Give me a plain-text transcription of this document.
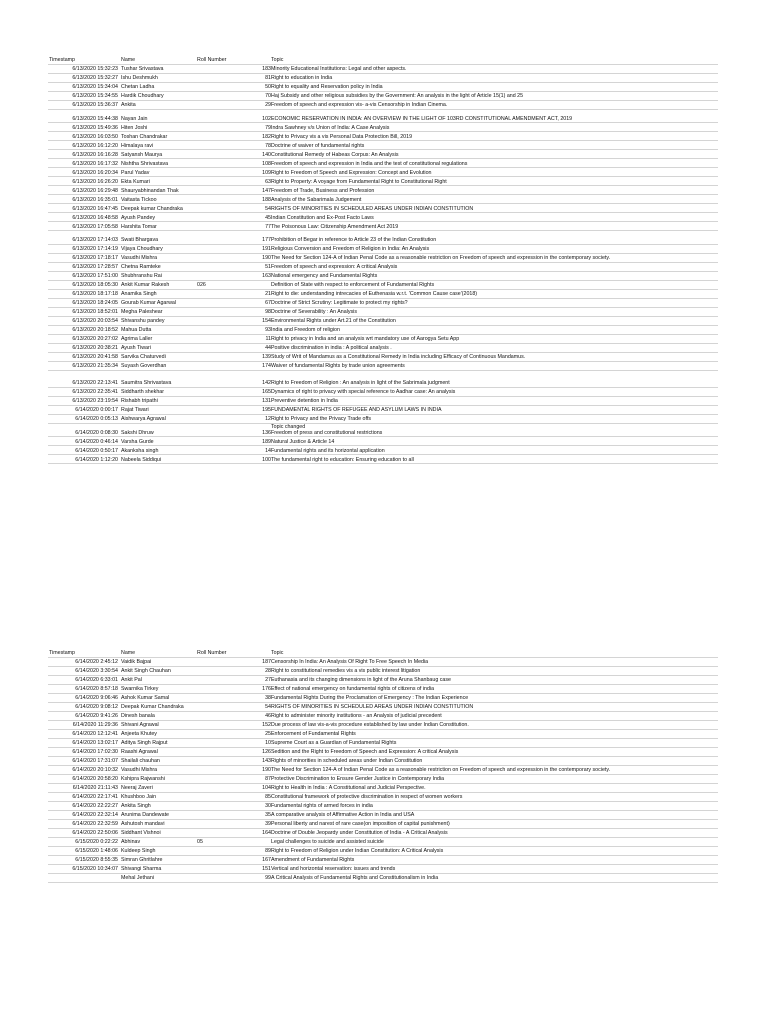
Timestamp	Name	Roll Number	Topic
6/13/2020 15:32:23	Tushar Srivastava	183	Minority Educational Institutions: Legal and other aspects.
6/13/2020 15:32:27	Ishu Deshmukh	81	Right to education in India
6/13/2020 15:34:04	Chetan Ladha	50	Right to equality and Reservation policy in India
6/13/2020 15:34:55	Hardik Choudhary	70	Haj Subsidy and other religious subsidies by the Government: An analysis in the light of Article 15(1) and 25
6/13/2020 15:36:37	Ankita	29	Freedom of speech and expression vis- a-vis Censorship in Indian Cinema.
6/13/2020 15:44:38	Nayan Jain	102	ECONOMIC RESERVATION IN INDIA: AN OVERVIEW IN THE LIGHT OF 103RD CONSTITUTIONAL AMENDMENT ACT, 2019
6/13/2020 15:49:36	Hiten Joshi	79	Indra Sawhney v/s Union of India: A Case Analysis
6/13/2020 16:03:50	Toshan Chandrakar	182	Right to Privacy vis a vis Personal Data Protection Bill, 2019
6/13/2020 16:12:20	Himalaya ravi	78	Doctrine of waiver of fundamental rights
6/13/2020 16:16:28	Satyansh Maurya	140	Constitutional Remedy of Habeas Corpus: An Analysis
6/13/2020 16:17:32	Nishtha Shrivastava	108	Freedom of speech and expression in India and the test of constitutional regulations
6/13/2020 16:20:34	Parul Yadav	109	Right to Freedom of Speech and Expression: Concept and Evolution
6/13/2020 16:26:20	Ekta Kumari	63	Right to Property: A voyage from Fundamental Right to Constitutional Right
6/13/2020 16:29:48	Shauryabhinandan Thak	147	Freedom of Trade, Business and Profession
6/13/2020 16:35:01	Vaitasta Tickoo	188	Analysis of the Sabarimala Judgement
6/13/2020 16:47:45	Deepak kumar Chandraka	54	RIGHTS OF MINORITIES IN SCHEDULED AREAS UNDER INDIAN CONSTITUTION
6/13/2020 16:48:58	Ayush Pandey	45	Indian Constitution and Ex-Post Facto Laws
6/13/2020 17:05:58	Harshita Tomar	77	The Poisonous Law: Citizenship Amendment Act 2019
6/13/2020 17:14:03	Swati Bhargava	177	Prohibition of Begar in reference to Article 23 of the Indian Constitution
6/13/2020 17:14:19	Vijaya Choudhary	191	Religious Conversion and Freedom of Religion in India: An Analysis
6/13/2020 17:18:17	Vasudhi Mishra	190	The Need for Section 124-A of Indian Penal Code as a reasonable restriction on Freedom of speech and expression in the contemporary society.
6/13/2020 17:28:57	Chetna Ramteke	51	Freedom of speech and expression: A critical Analysis
6/13/2020 17:51:00	Shubhranshu Rai	163	National emergency and Fundamental Rights
6/13/2020 18:05:30	Ankit Kumar Rakesh	026	Definition of State with respect to enforcement of Fundamental Rights
6/13/2020 18:17:18	Anamika Singh	21	Right to die: understanding intrecacies of Euthenasia w.r.t. 'Common Cause case'(2018)
6/13/2020 18:24:05	Gourab Kumar Agarwal	67	Doctrine of Strict Scrutiny: Legitimate to protect my rights?
6/13/2020 18:52:01	Megha Paleshear	98	Doctrine of Severability : An Analysis
6/13/2020 20:03:54	Shivanshu pandey	154	Environmental Rights under Art.21 of the Constitution
6/13/2020 20:18:52	Mahua Dutta	93	India and Freedom of religion
6/13/2020 20:27:02	Agrima Laller	11	Right to privacy in India and an analysis wrt mandatory use of Aarogya Setu App
6/13/2020 20:38:21	Ayush Tiwari	44	Positive discrimination in india : A political analysis .
6/13/2020 20:41:58	Sarvika Chaturvedi	139	Study of Writ of Mandamus as a Constitutional Remedy in India including Efficacy of Continuous Mandamus.
6/13/2020 21:35:34	Suyash Goverdhan	174	Waiver of fundamental Rights by trade union agreements
6/13/2020 22:13:41	Saumitra Shrivastava	142	Right to Freedom of Religion : An analysis in light of the Sabrimala judgment
6/13/2020 22:35:41	Siddharth shekhar	165	Dynamics of right to privacy with special reference to Aadhar case: An analysis
6/13/2020 23:19:54	Rishabh tripathi	131	Preventive detention in India
6/14/2020 0:00:17	Rajat Tiwari	195	FUNDAMENTAL RIGHTS OF REFUGEE AND ASYLUM LAWS IN INDIA
6/14/2020 0:05:13	Aishwarya Agrawal	12	Right to Privacy and the Privacy Trade offs
6/14/2020 0:08:30	Sakshi Dhruw	136	Topic changed
Freedom of press and constitutional restrictions
6/14/2020 0:46:14	Varsha Gurde	189	Natural Justice & Article 14
6/14/2020 0:50:17	Akanksha singh	14	Fundamental rights and its horizontal application
6/14/2020 1:12:20	Nabeela Siddiqui	100	The fundamental right to education: Ensuring education to all
Timestamp	Name	Roll Number	Topic
6/14/2020 2:45:12	Vaidik Bajpai	187	Censorship In India: An Analysis Of Right To Free Speech In Media
6/14/2020 3:30:54	Ankit Singh Chauhan	28	Right to constitutional remedies vis a vis public interest litigation
6/14/2020 6:33:01	Ankit Pal	27	Euthanasia and its changing dimensions in light of the Aruna Shanbaug case
6/14/2020 8:57:18	Swarnika Tirkey	176	Effect of national emergency on fundamental rights of citizens of india
6/14/2020 9:06:46	Ashok Kumar Samal	38	Fundamental Rights During the Proclamation of Emergency : The Indian Experience
6/14/2020 9:08:12	Deepak Kumar Chandraka	54	RIGHTS OF MINORITIES IN SCHEDULED AREAS UNDER INDIAN CONSTITUTION
6/14/2020 9:41:26	Dinesh banala	46	Right to administer minority institutions - an Analysis of judicial precedent
6/14/2020 11:29:36	Shivani Agrawal	152	Due process of law vis-a-vis procedure established by law under Indian Constitution.
6/14/2020 12:12:41	Anjeeta Khutey	25	Enforcement of Fundamental Rights
6/14/2020 13:02:17	Aditya Singh Rajput	10	Supreme Court as a Guardian of Fundamental Rights
6/14/2020 17:02:30	Raashi Agrawal	126	Sedition and the Right to Freedom of Speech and Expression: A critical Analysis
6/14/2020 17:31:07	Shailali chauhan	143	Rights of minorities in scheduled areas under Indian Constitution
6/14/2020 20:10:32	Vasudhi Mishra	190	The Need for Section 124-A of Indian Penal Code as a reasonable restriction on Freedom of speech and expression in the contemporary society.
6/14/2020 20:58:20	Kshipra Rajwanshi	87	Protective Discrimination to Ensure Gender Justice in Contemporary India
6/14/2020 21:11:43	Neeraj Zaveri	104	Right to Health in India : A Constitutional and Judicial Perspective.
6/14/2020 22:17:41	Khushboo Jain	85	Constitutional framework of protective discrimination in respect of women workers
6/14/2020 22:22:27	Ankita Singh	30	Fundamental rights of armed forces in india
6/14/2020 22:32:14	Arunima Dandewate	35	A comparative analysis of Affirmative Action in India and USA
6/14/2020 22:32:59	Ashutosh mandavi	39	Personal liberty and narest of rare case(on imposition of capital punishment)
6/14/2020 22:50:06	Siddhant Vishnoi	164	Doctrine of Double Jeopardy under Constitution of India - A Critical Analysis
6/15/2020 0:22:22	Abhinav	05	Legal challenges to suicide and assisted suicide
6/15/2020 1:48:06	Kuldeep Singh	89	Right to Freedom of Religion under Indian Constitution: A Critical Analysis
6/15/2020 8:55:35	Simran Ghritlahre	167	Amendment of Fundamental Rights
6/15/2020 10:34:07	Shivangi Sharma	151	Vertical and horizontal reservation: issues and trends
	Mehal Jethani	99	A Critical Analysis of Fundamental Rights and Constitutionalism in India
